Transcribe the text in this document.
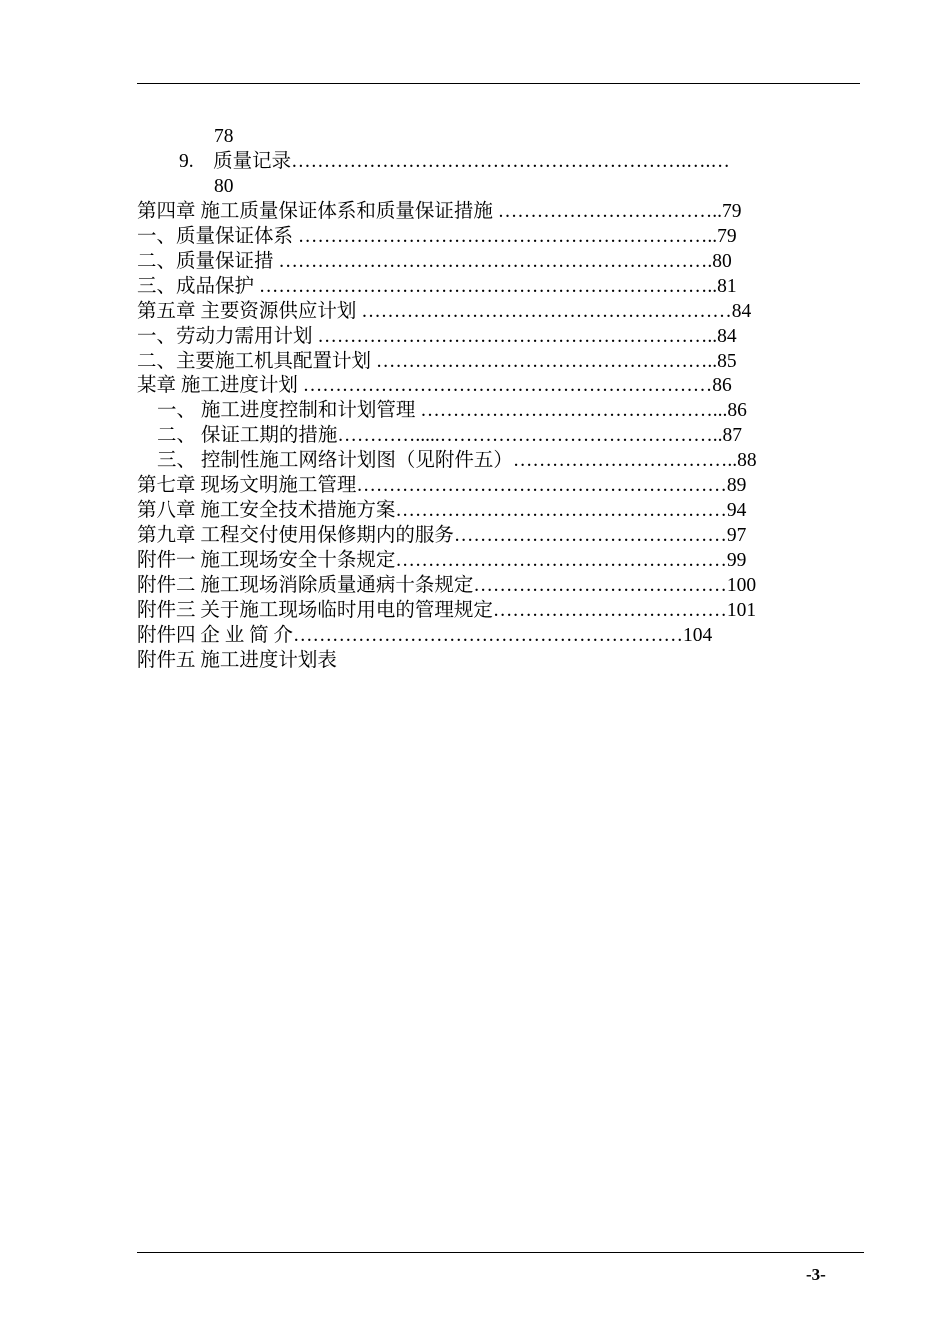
78
9.　质量记录…………………………………………………….….…
80
第四章 施工质量保证体系和质量保证措施 ……………………………..79
一、质量保证体系 ………………………………………………………..79
二、质量保证措 ………………………………………………………….80
三、成品保护 ……………………………………………………………..81
第五章 主要资源供应计划 …………………………………………………84
一、劳动力需用计划 ……………………………………………………..84
二、主要施工机具配置计划 ……………………………………………..85
某章 施工进度计划 ………………………………………………………86
一、 施工进度控制和计划管理 ………………………………………...86
二、 保证工期的措施………….....……………………………………..87
三、 控制性施工网络计划图（见附件五）……………………………..88
第七章 现场文明施工管理…………………………………………………89
第八章 施工安全技术措施方案……………………………………………94
第九章 工程交付使用保修期内的服务……………………………………97
附件一 施工现场安全十条规定……………………………………………99
附件二 施工现场消除质量通病十条规定…………………………………100
附件三 关于施工现场临时用电的管理规定………………………………101
附件四 企 业 简 介……………………………………………………104
附件五 施工进度计划表
-3-
